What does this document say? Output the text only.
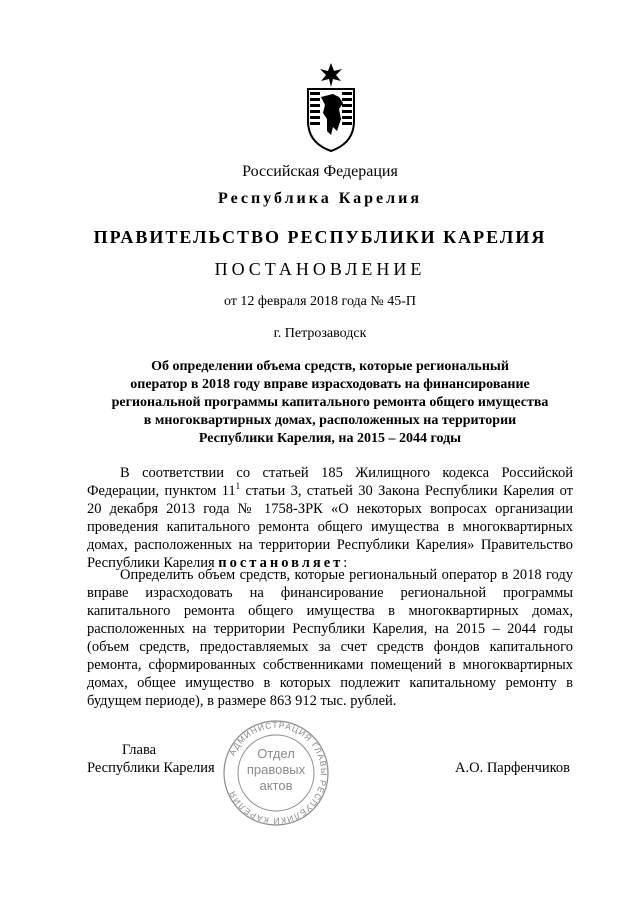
Российская Федерация
Республика Карелия
ПРАВИТЕЛЬСТВО РЕСПУБЛИКИ КАРЕЛИЯ
ПОСТАНОВЛЕНИЕ
от 12 февраля 2018 года № 45-П
г. Петрозаводск
Об определении объема средств, которые региональный
оператор в 2018 году вправе израсходовать на финансирование
региональной программы капитального ремонта общего имущества
в многоквартирных домах, расположенных на территории
Республики Карелия, на 2015 – 2044 годы
В соответствии со статьей 185 Жилищного кодекса Российской Федерации, пунктом $11^1$ статьи 3, статьей 30 Закона Республики Карелия от 20 декабря 2013 года № 1758-ЗРК «О некоторых вопросах организации проведения капитального ремонта общего имущества в многоквартирных домах, расположенных на территории Республики Карелия» Правительство Республики Карелия постановляет:
Определить объем средств, которые региональный оператор в 2018 году вправе израсходовать на финансирование региональной программы капитального ремонта общего имущества в многоквартирных домах, расположенных на территории Республики Карелия, на 2015 – 2044 годы (объем средств, предоставляемых за счет средств фондов капитального ремонта, сформированных собственниками помещений в многоквартирных домах, общее имущество в которых подлежит капитальному ремонту в будущем периоде), в размере 863 912 тыс. рублей.
Глава
Республики Карелия	А.О. Парфенчиков
АДМИНИСТРАЦИЯ ГЛАВЫ РЕСПУБЛИКИ КАРЕЛИЯ
Отдел
правовых
актов
